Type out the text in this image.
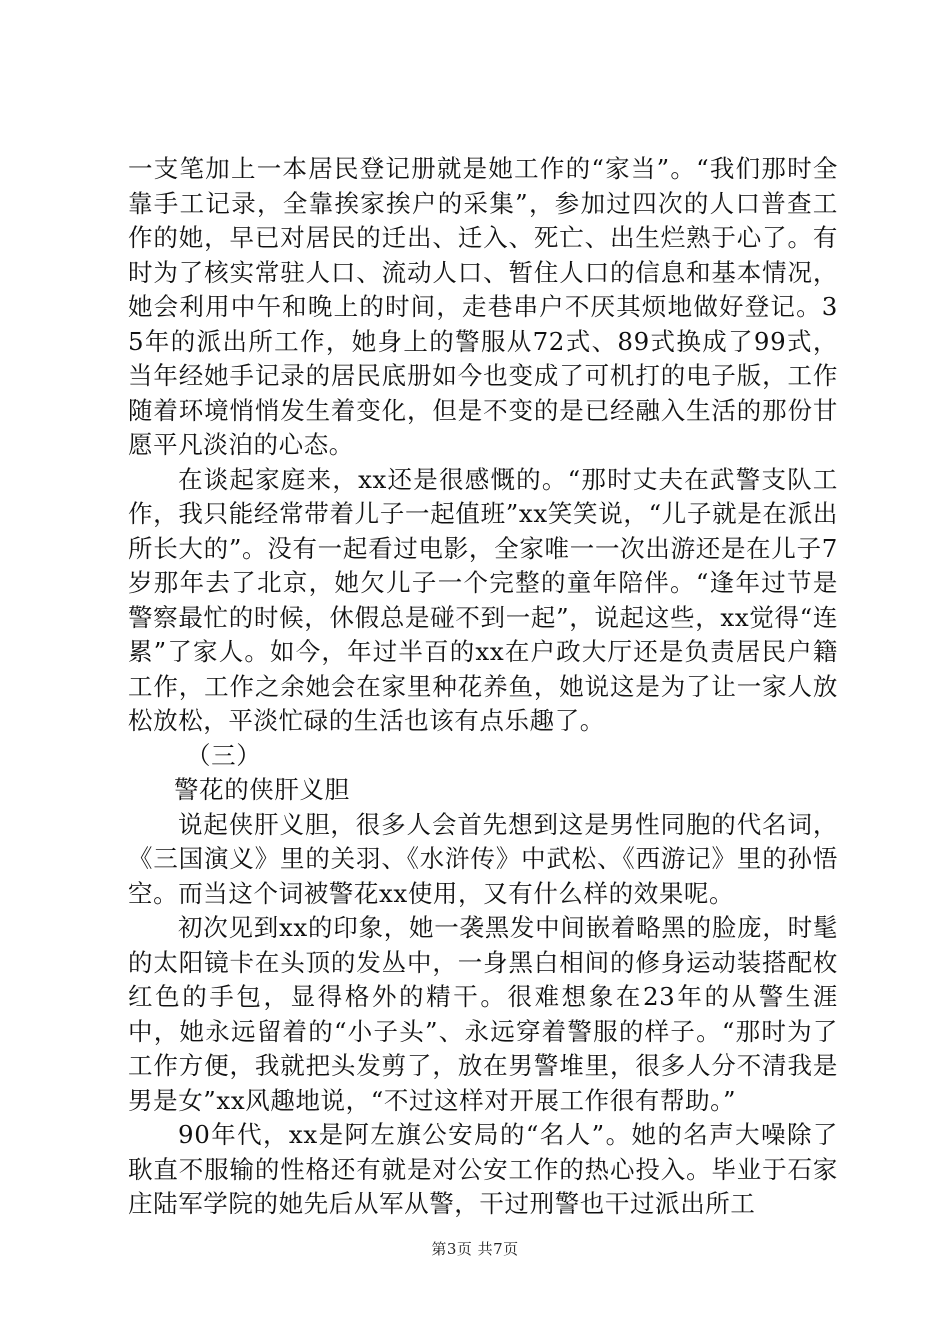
一支笔加上一本居民登记册就是她工作的“家当”。“我们那时全靠手工记录，全靠挨家挨户的采集”，参加过四次的人口普查工作的她，早已对居民的迁出、迁入、死亡、出生烂熟于心了。有时为了核实常驻人口、流动人口、暂住人口的信息和基本情况，她会利用中午和晚上的时间，走巷串户不厌其烦地做好登记。35年的派出所工作，她身上的警服从72式、89式换成了99式，当年经她手记录的居民底册如今也变成了可机打的电子版，工作随着环境悄悄发生着变化，但是不变的是已经融入生活的那份甘愿平凡淡泊的心态。

在谈起家庭来，xx还是很感慨的。“那时丈夫在武警支队工作，我只能经常带着儿子一起值班”xx笑笑说，“儿子就是在派出所长大的”。没有一起看过电影，全家唯一一次出游还是在儿子7岁那年去了北京，她欠儿子一个完整的童年陪伴。“逢年过节是警察最忙的时候，休假总是碰不到一起”，说起这些，xx觉得“连累”了家人。如今，年过半百的xx在户政大厅还是负责居民户籍工作，工作之余她会在家里种花养鱼，她说这是为了让一家人放松放松，平淡忙碌的生活也该有点乐趣了。

（三）

警花的侠肝义胆

说起侠肝义胆，很多人会首先想到这是男性同胞的代名词，《三国演义》里的关羽、《水浒传》中武松、《西游记》里的孙悟空。而当这个词被警花xx使用，又有什么样的效果呢。

初次见到xx的印象，她一袭黑发中间嵌着略黑的脸庞，时髦的太阳镜卡在头顶的发丛中，一身黑白相间的修身运动装搭配枚红色的手包，显得格外的精干。很难想象在23年的从警生涯中，她永远留着的“小子头”、永远穿着警服的样子。“那时为了工作方便，我就把头发剪了，放在男警堆里，很多人分不清我是男是女”xx风趣地说，“不过这样对开展工作很有帮助。”

90年代，xx是阿左旗公安局的“名人”。她的名声大噪除了耿直不服输的性格还有就是对公安工作的热心投入。毕业于石家庄陆军学院的她先后从军从警，干过刑警也干过派出所工

第3页 共7页
